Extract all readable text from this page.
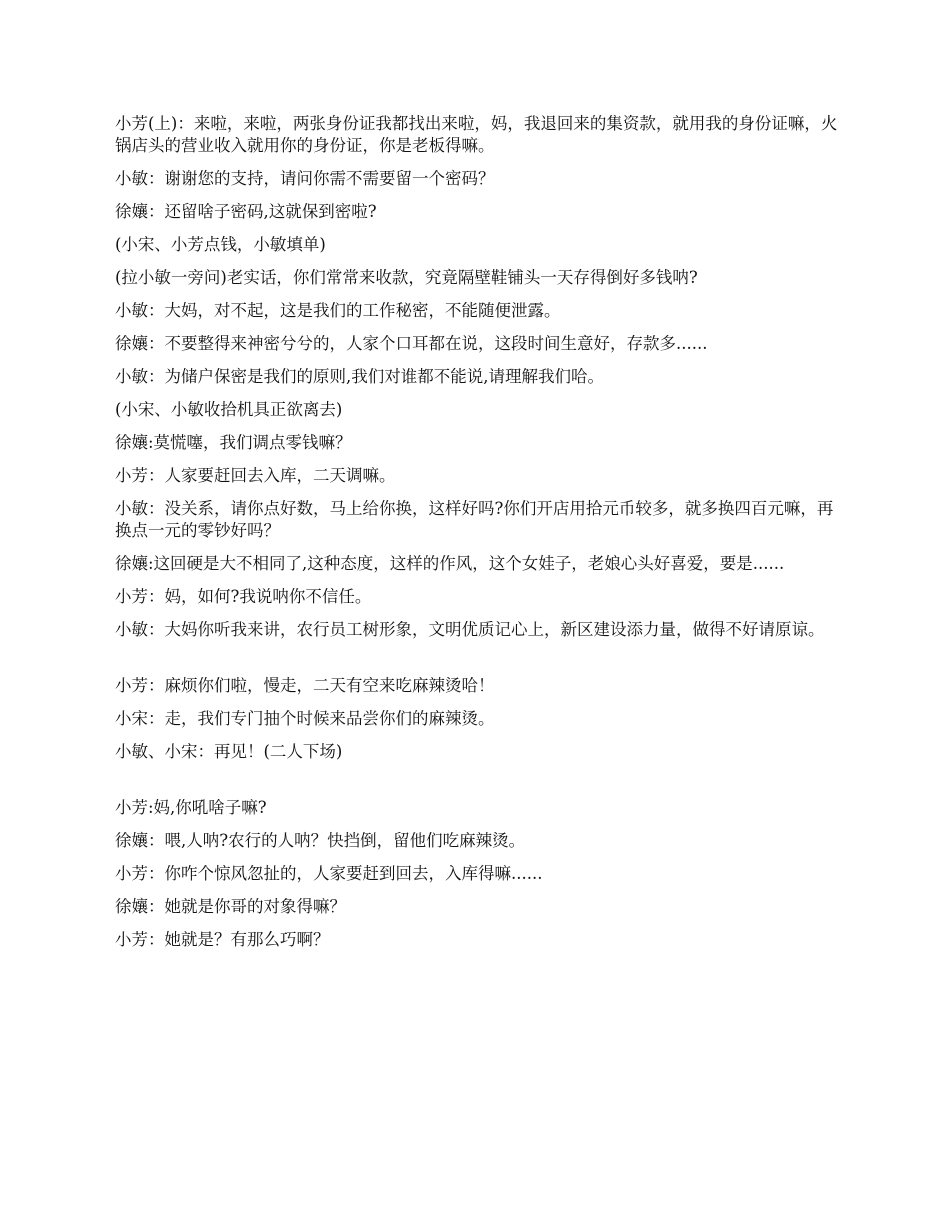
小芳(上)：来啦，来啦，两张身份证我都找出来啦，妈，我退回来的集资款，就用我的身份证嘛，火锅店头的营业收入就用你的身份证，你是老板得嘛。

小敏：谢谢您的支持，请问你需不需要留一个密码？

徐孃：还留啥子密码,这就保到密啦?

(小宋、小芳点钱，小敏填单)

(拉小敏一旁问)老实话，你们常常来收款，究竟隔壁鞋铺头一天存得倒好多钱呐?

小敏：大妈，对不起，这是我们的工作秘密，不能随便泄露。

徐孃：不要整得来神密兮兮的，人家个口耳都在说，这段时间生意好，存款多......

小敏：为储户保密是我们的原则,我们对谁都不能说,请理解我们哈。

(小宋、小敏收拾机具正欲离去)

徐孃:莫慌噻，我们调点零钱嘛？

小芳：人家要赶回去入库，二天调嘛。

小敏：没关系，请你点好数，马上给你换，这样好吗?你们开店用拾元币较多，就多换四百元嘛，再换点一元的零钞好吗？

徐孃:这回硬是大不相同了,这种态度，这样的作风，这个女娃子，老娘心头好喜爱，要是......

小芳：妈，如何?我说呐你不信任。

小敏：大妈你听我来讲，农行员工树形象，文明优质记心上，新区建设添力量，做得不好请原谅。

小芳：麻烦你们啦，慢走，二天有空来吃麻辣烫哈！

小宋：走，我们专门抽个时候来品尝你们的麻辣烫。

小敏、小宋：再见！(二人下场)

小芳:妈,你吼啥子嘛?

徐孃：喂,人呐?农行的人呐？快挡倒，留他们吃麻辣烫。

小芳：你咋个惊风忽扯的，人家要赶到回去，入库得嘛......

徐孃：她就是你哥的对象得嘛？

小芳：她就是？有那么巧啊？
